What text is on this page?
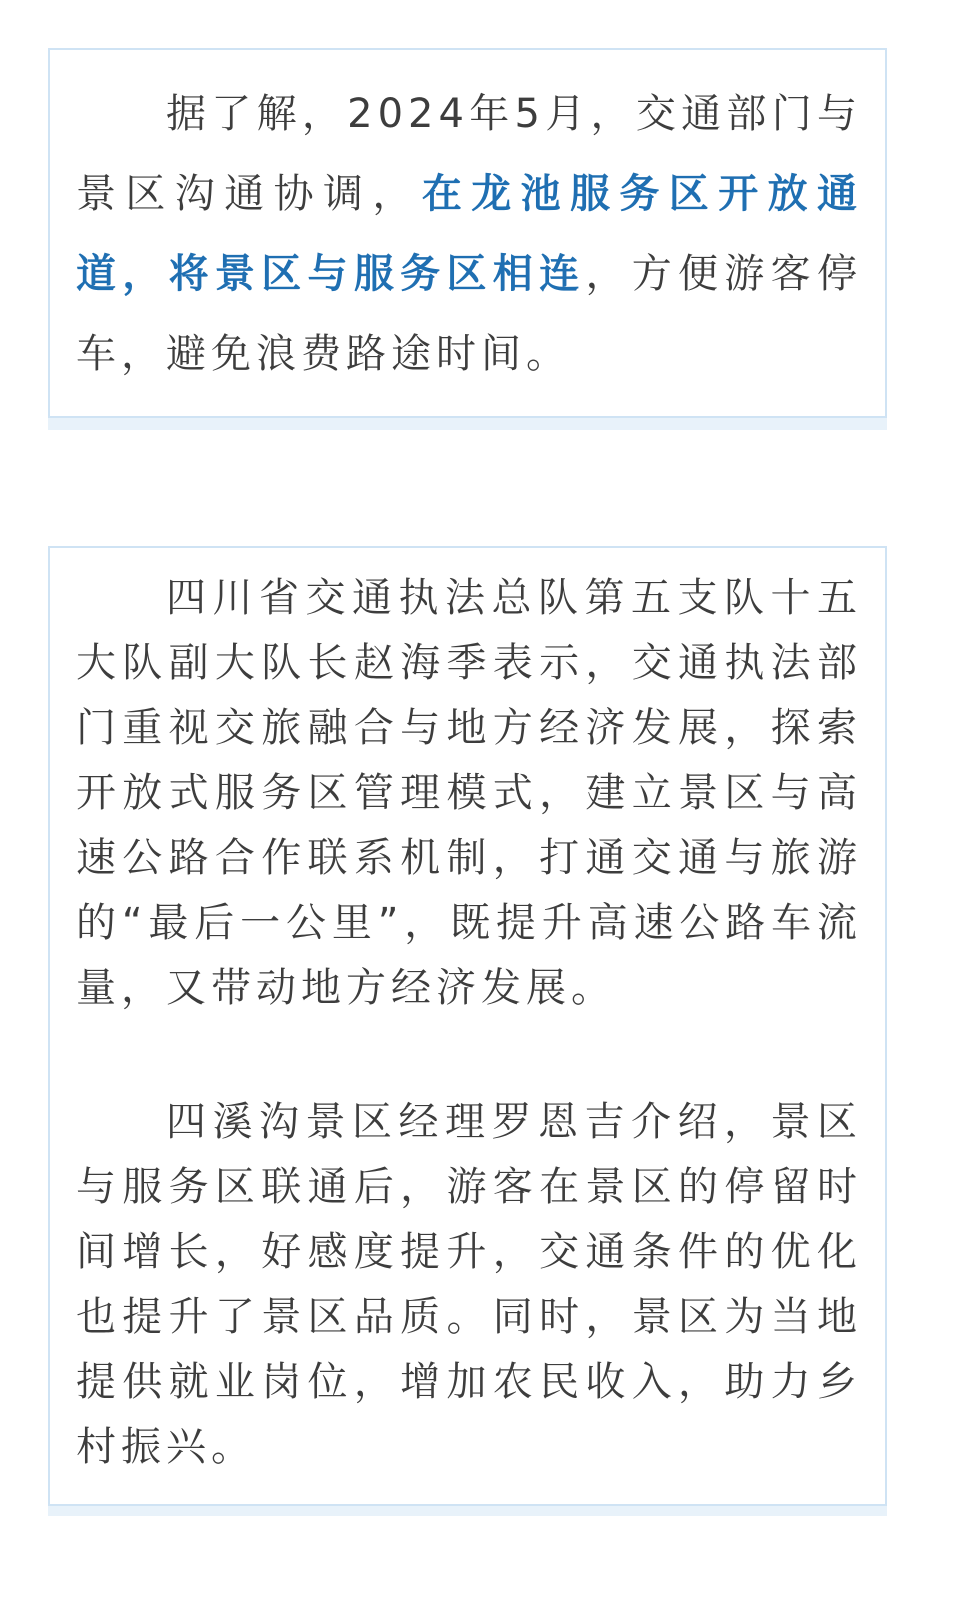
据了解，2024年5月，交通部门与景区沟通协调，在龙池服务区开放通道，将景区与服务区相连，方便游客停车，避免浪费路途时间。

四川省交通执法总队第五支队十五大队副大队长赵海季表示，交通执法部门重视交旅融合与地方经济发展，探索开放式服务区管理模式，建立景区与高速公路合作联系机制，打通交通与旅游的“最后一公里”，既提升高速公路车流量，又带动地方经济发展。

四溪沟景区经理罗恩吉介绍，景区与服务区联通后，游客在景区的停留时间增长，好感度提升，交通条件的优化也提升了景区品质。同时，景区为当地提供就业岗位，增加农民收入，助力乡村振兴。
